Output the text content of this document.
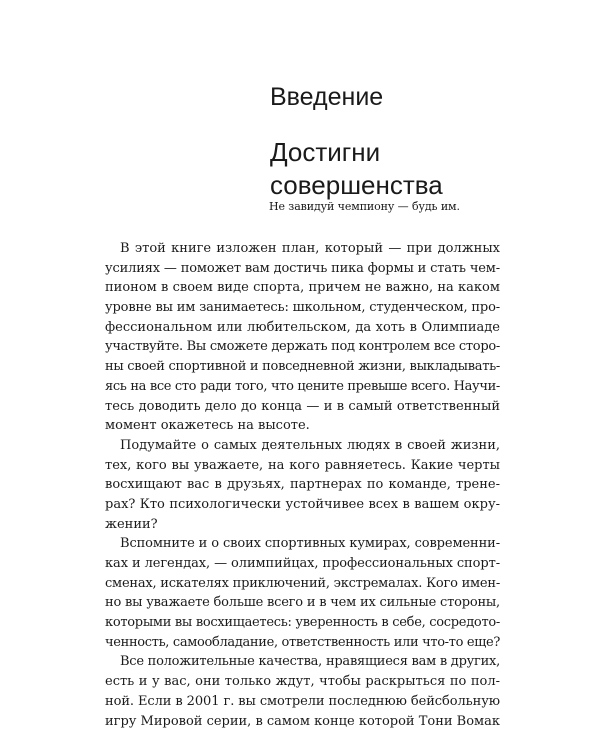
Введение
Достигни
совершенства

Не завидуй чемпиону — будь им.

В этой книге изложен план, который — при должных
усилиях — поможет вам достичь пика формы и стать чем-
пионом в своем виде спорта, причем не важно, на каком
уровне вы им занимаетесь: школьном, студенческом, про-
фессиональном или любительском, да хоть в Олимпиаде
участвуйте. Вы сможете держать под контролем все сторо-
ны своей спортивной и повседневной жизни, выкладывать-
ясь на все сто ради того, что цените превыше всего. Научи-
тесь доводить дело до конца — и в самый ответственный
момент окажетесь на высоте.
Подумайте о самых деятельных людях в своей жизни,
тех, кого вы уважаете, на кого равняетесь. Какие черты
восхищают вас в друзьях, партнерах по команде, трене-
рах? Кто психологически устойчивее всех в вашем окру-
жении?
Вспомните и о своих спортивных кумирах, современни-
ках и легендах, — олимпийцах, профессиональных спорт-
сменах, искателях приключений, экстремалах. Кого имен-
но вы уважаете больше всего и в чем их сильные стороны,
которыми вы восхищаетесь: уверенность в себе, сосредото-
ченность, самообладание, ответственность или что-то еще?
Все положительные качества, нравящиеся вам в других,
есть и у вас, они только ждут, чтобы раскрыться по пол-
ной. Если в 2001 г. вы смотрели последнюю бейсбольную
игру Мировой серии, в самом конце которой Тони Вомак
